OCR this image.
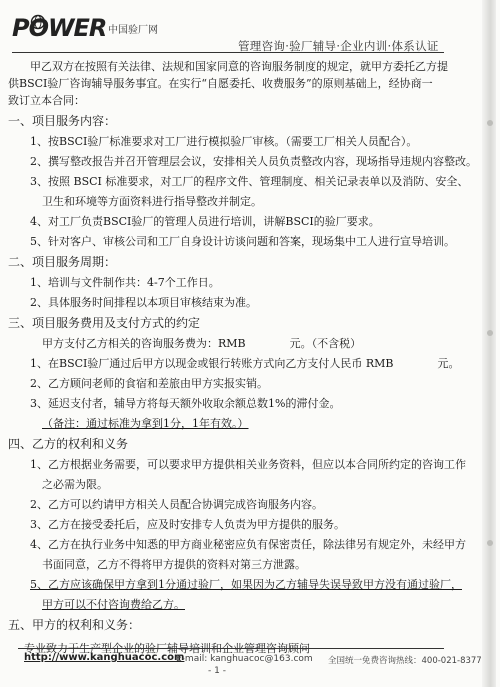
POWER 中国验厂网
管理咨询·验厂辅导·企业内训·体系认证

甲乙双方在按照有关法律、法规和国家同意的咨询服务制度的规定，就甲方委托乙方提

供BSCI验厂咨询辅导服务事宜。在实行“自愿委托、收费服务”的原则基础上，经协商一

致订立本合同：

一、项目服务内容：

1、按BSCI验厂标准要求对工厂进行模拟验厂审核。（需要工厂相关人员配合）。

2、撰写整改报告并召开管理层会议，安排相关人员负责整改内容，现场指导违规内容整改。

3、按照 BSCI 标准要求，对工厂的程序文件、管理制度、相关记录表单以及消防、安全、

卫生和环境等方面资料进行指导整改并制定。

4、对工厂负责BSCI验厂的管理人员进行培训，讲解BSCI的验厂要求。

5、针对客户、审核公司和工厂自身设计访谈问题和答案，现场集中工人进行宣导培训。

二、项目服务周期：

1、培训与文件制作共：4-7个工作日。

2、具体服务时间排程以本项目审核结束为准。

三、项目服务费用及支付方式的约定

甲方支付乙方相关的咨询服务费为：RMB　　　　元。（不含税）

1、在BSCI验厂通过后甲方以现金或银行转账方式向乙方支付人民币 RMB　　　　元。

2、乙方顾问老师的食宿和差旅由甲方实报实销。

3、延迟支付者，辅导方将每天额外收取余额总数1%的滞付金。

（备注：通过标准为拿到1分，1年有效。）

四、乙方的权利和义务

1、乙方根据业务需要，可以要求甲方提供相关业务资料，但应以本合同所约定的咨询工作

之必需为限。

2、乙方可以约请甲方相关人员配合协调完成咨询服务内容。

3、乙方在接受委托后，应及时安排专人负责为甲方提供的服务。

4、乙方在执行业务中知悉的甲方商业秘密应负有保密责任，除法律另有规定外，未经甲方

书面同意，乙方不得将甲方提供的资料对第三方泄露。

5、乙方应该确保甲方拿到1分通过验厂，如果因为乙方辅导失误导致甲方没有通过验厂，

甲方可以不付咨询费给乙方。

五、甲方的权利和义务：

专业致力于生产型企业的验厂辅导培训和企业管理咨询顾问
http://www.kanghuacoc.com
E-mail: kanghuacoc@163.com 全国统一免费咨询热线：400-021-8377
- 1 -
